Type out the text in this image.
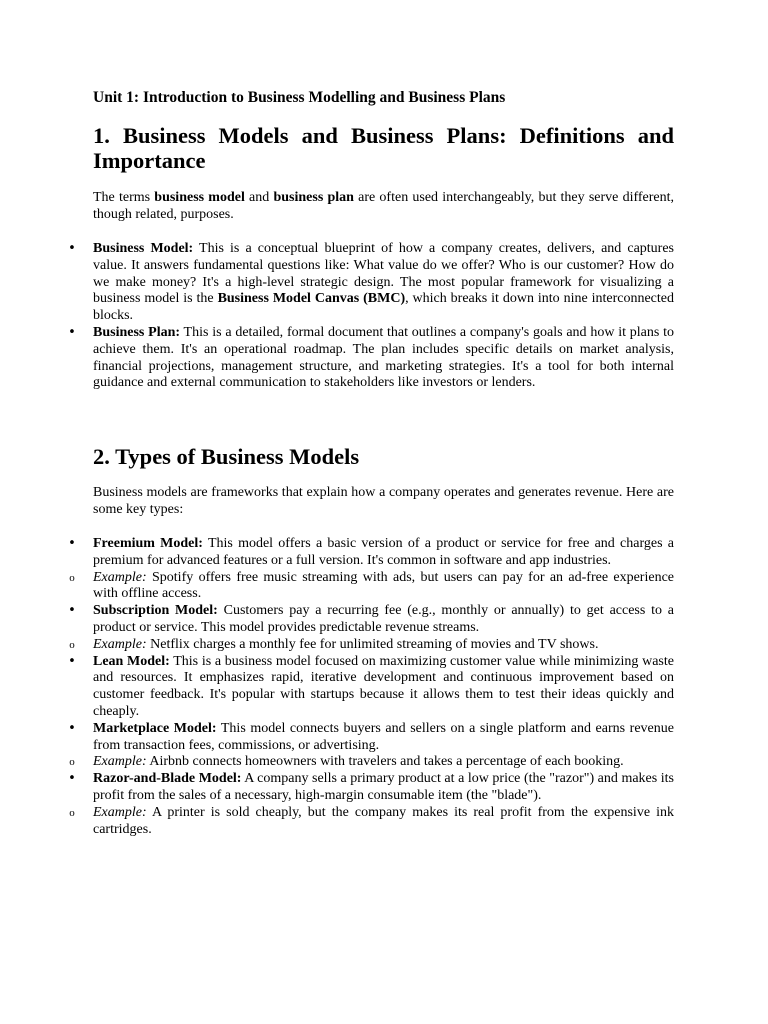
Unit 1: Introduction to Business Modelling and Business Plans
1. Business Models and Business Plans: Definitions and Importance

The terms business model and business plan are often used interchangeably, but they serve different, though related, purposes.

• Business Model: This is a conceptual blueprint of how a company creates, delivers, and captures value. It answers fundamental questions like: What value do we offer? Who is our customer? How do we make money? It's a high-level strategic design. The most popular framework for visualizing a business model is the Business Model Canvas (BMC), which breaks it down into nine interconnected blocks.
• Business Plan: This is a detailed, formal document that outlines a company's goals and how it plans to achieve them. It's an operational roadmap. The plan includes specific details on market analysis, financial projections, management structure, and marketing strategies. It's a tool for both internal guidance and external communication to stakeholders like investors or lenders.
2. Types of Business Models

Business models are frameworks that explain how a company operates and generates revenue. Here are some key types:

• Freemium Model: This model offers a basic version of a product or service for free and charges a premium for advanced features or a full version. It's common in software and app industries.
o Example: Spotify offers free music streaming with ads, but users can pay for an ad-free experience with offline access.
• Subscription Model: Customers pay a recurring fee (e.g., monthly or annually) to get access to a product or service. This model provides predictable revenue streams.
o Example: Netflix charges a monthly fee for unlimited streaming of movies and TV shows.
• Lean Model: This is a business model focused on maximizing customer value while minimizing waste and resources. It emphasizes rapid, iterative development and continuous improvement based on customer feedback. It's popular with startups because it allows them to test their ideas quickly and cheaply.
• Marketplace Model: This model connects buyers and sellers on a single platform and earns revenue from transaction fees, commissions, or advertising.
o Example: Airbnb connects homeowners with travelers and takes a percentage of each booking.
• Razor-and-Blade Model: A company sells a primary product at a low price (the "razor") and makes its profit from the sales of a necessary, high-margin consumable item (the "blade").
o Example: A printer is sold cheaply, but the company makes its real profit from the expensive ink cartridges.
